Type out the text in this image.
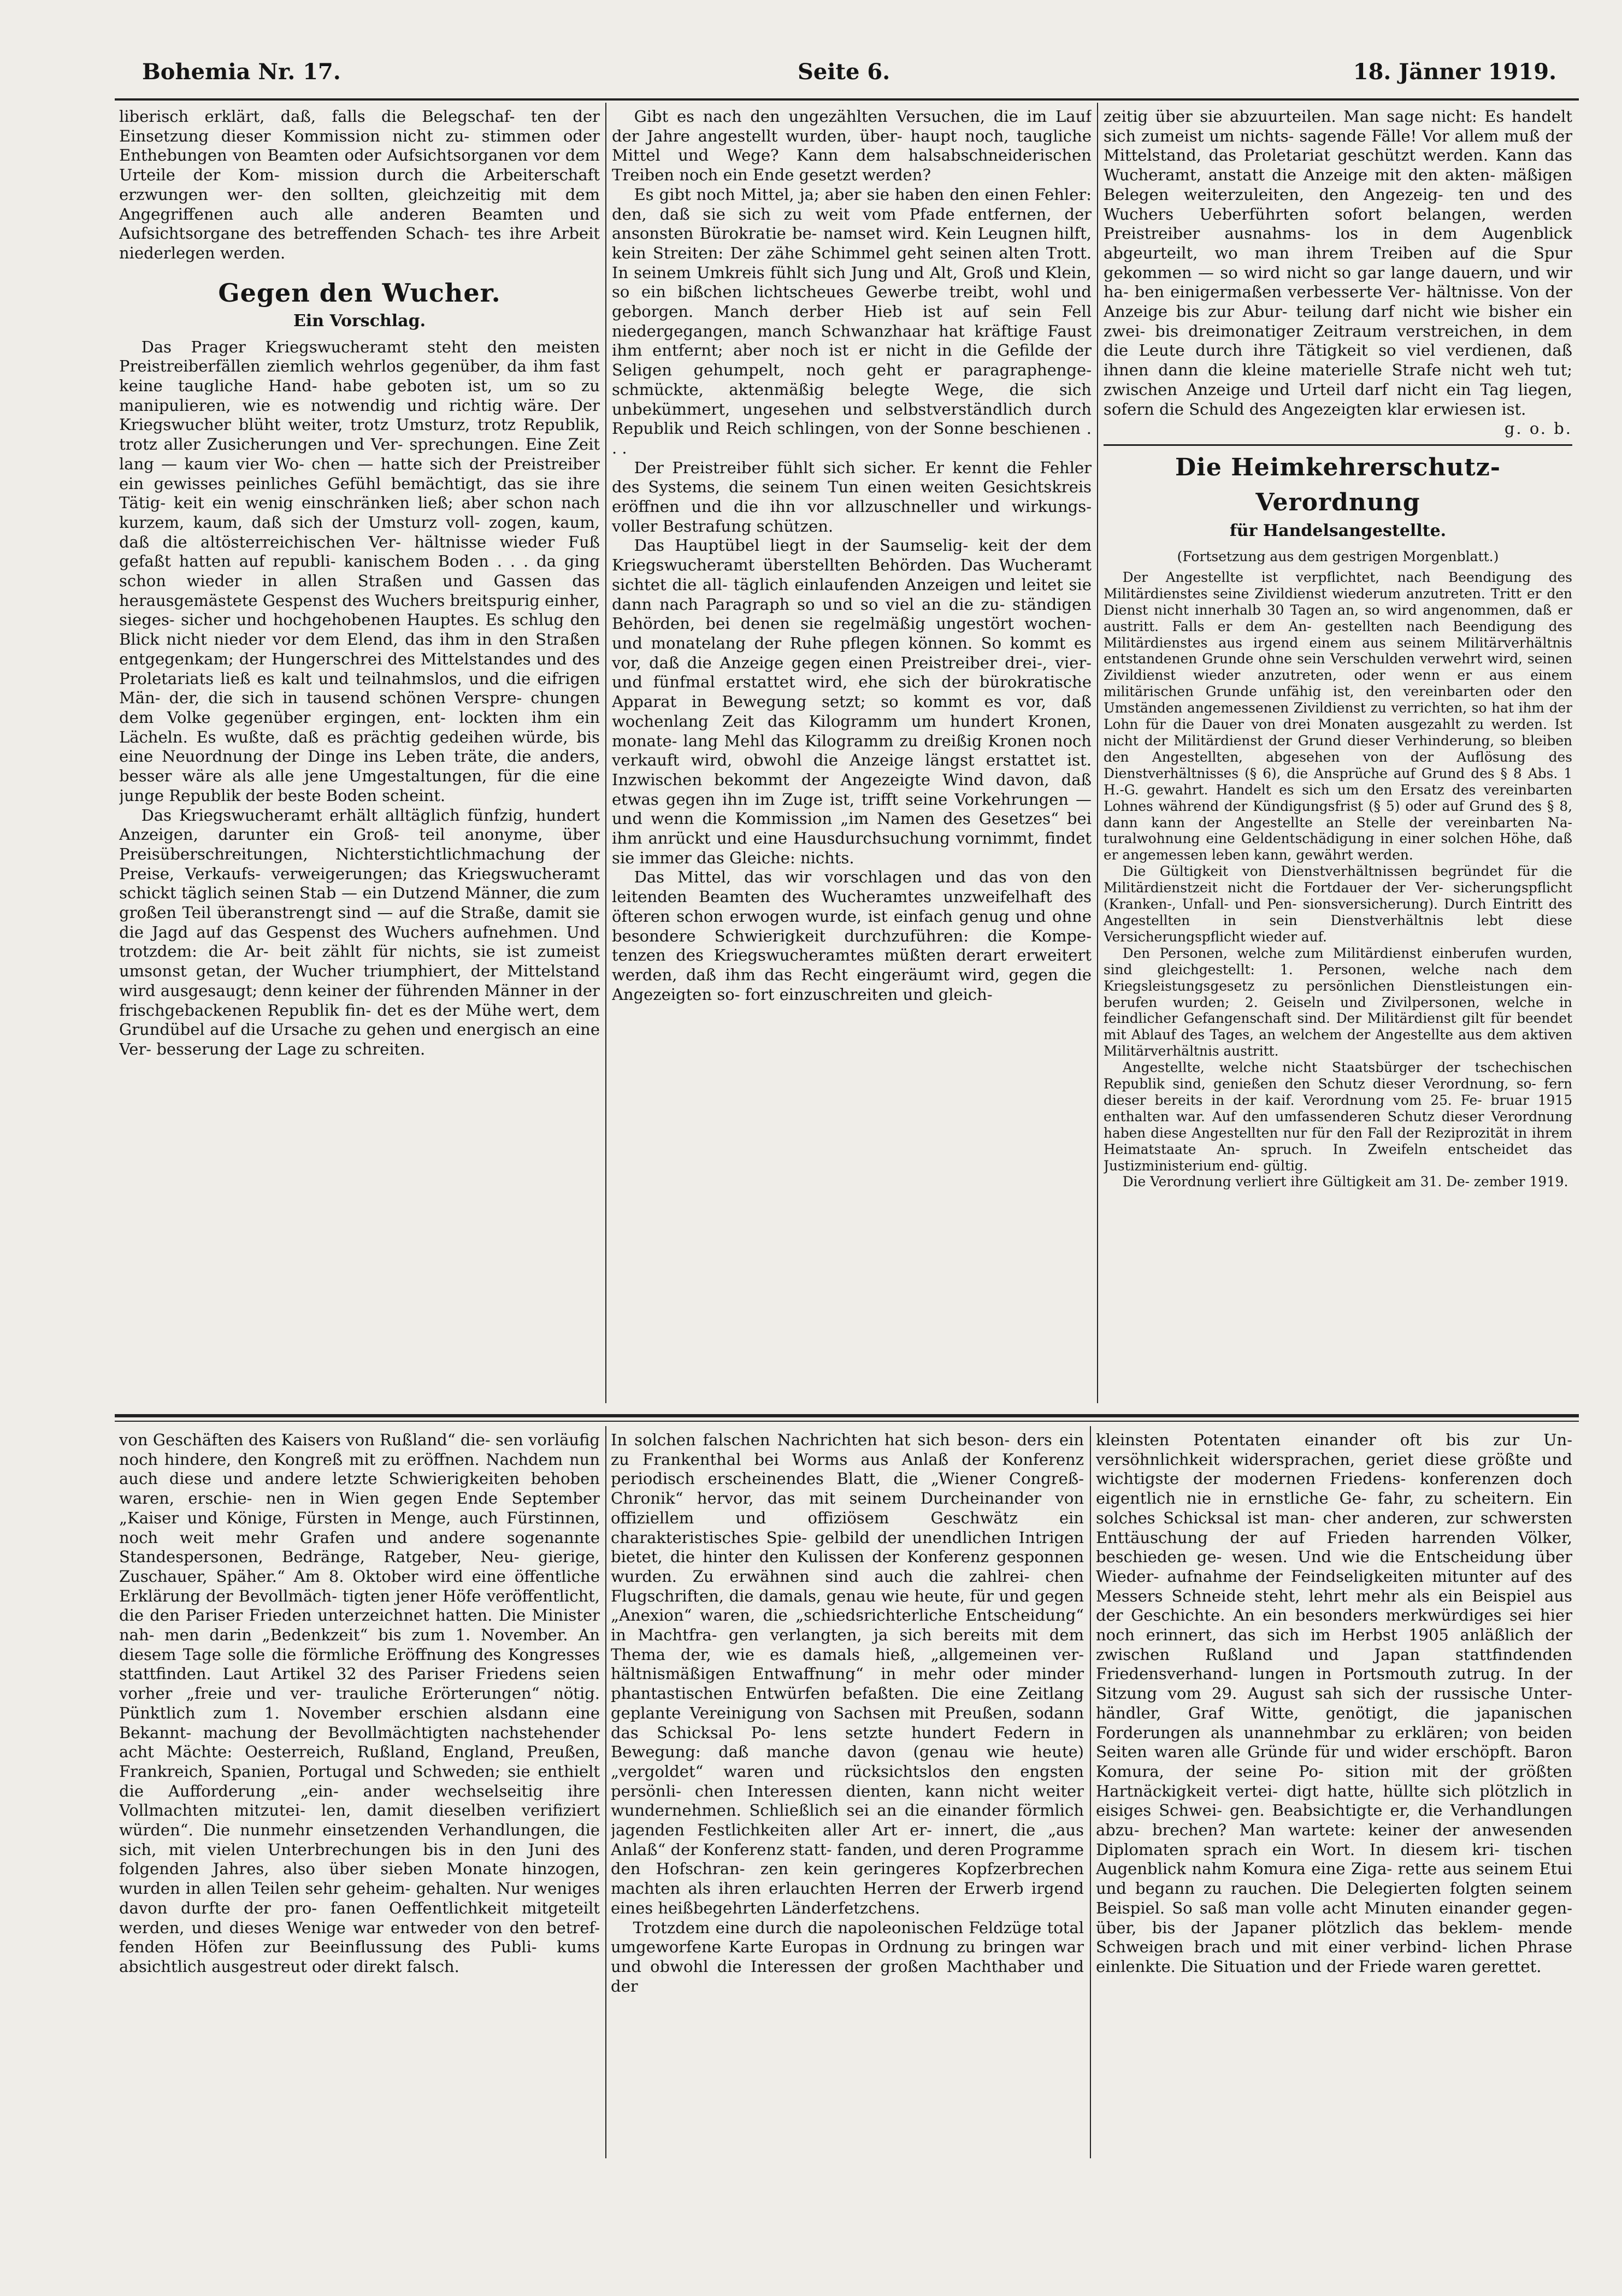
Bohemia Nr. 17.	Seite 6.	18. Jänner 1919.

liberisch erklärt, daß, falls die Belegschaf- ten der Einsetzung dieser Kommission nicht zu- stimmen oder Enthebungen von Beamten oder Aufsichtsorganen vor dem Urteile der Kom- mission durch die Arbeiterschaft erzwungen wer- den sollten, gleichzeitig mit dem Angegriffenen auch alle anderen Beamten und Aufsichtsorgane des betreffenden Schach- tes ihre Arbeit niederlegen werden.

Gegen den Wucher.
Ein Vorschlag.

Das Prager Kriegswucheramt steht den meisten Preistreiberfällen ziemlich wehrlos gegenüber, da ihm fast keine taugliche Hand- habe geboten ist, um so zu manipulieren, wie es notwendig und richtig wäre. Der Kriegswucher blüht weiter, trotz Umsturz, trotz Republik, trotz aller Zusicherungen und Ver- sprechungen. Eine Zeit lang — kaum vier Wo- chen — hatte sich der Preistreiber ein gewisses peinliches Gefühl bemächtigt, das sie ihre Tätig- keit ein wenig einschränken ließ; aber schon nach kurzem, kaum, daß sich der Umsturz voll- zogen, kaum, daß die altösterreichischen Ver- hältnisse wieder Fuß gefaßt hatten auf republi- kanischem Boden . . . da ging schon wieder in allen Straßen und Gassen das herausgemästete Gespenst des Wuchers breitspurig einher, sieges- sicher und hochgehobenen Hauptes. Es schlug den Blick nicht nieder vor dem Elend, das ihm in den Straßen entgegenkam; der Hungerschrei des Mittelstandes und des Proletariats ließ es kalt und teilnahmslos, und die eifrigen Män- der, die sich in tausend schönen Verspre- chungen dem Volke gegenüber ergingen, ent- lockten ihm ein Lächeln. Es wußte, daß es prächtig gedeihen würde, bis eine Neuordnung der Dinge ins Leben träte, die anders, besser wäre als alle jene Umgestaltungen, für die eine junge Republik der beste Boden scheint.

Das Kriegswucheramt erhält alltäglich fünfzig, hundert Anzeigen, darunter ein Groß- teil anonyme, über Preisüberschreitungen, Nichterstichtlichmachung der Preise, Verkaufs- verweigerungen; das Kriegswucheramt schickt täglich seinen Stab — ein Dutzend Männer, die zum großen Teil überanstrengt sind — auf die Straße, damit sie die Jagd auf das Gespenst des Wuchers aufnehmen. Und trotzdem: die Ar- beit zählt für nichts, sie ist zumeist umsonst getan, der Wucher triumphiert, der Mittelstand wird ausgesaugt; denn keiner der führenden Männer in der frischgebackenen Republik fin- det es der Mühe wert, dem Grundübel auf die Ursache zu gehen und energisch an eine Ver- besserung der Lage zu schreiten.

Gibt es nach den ungezählten Versuchen, die im Lauf der Jahre angestellt wurden, über- haupt noch, taugliche Mittel und Wege? Kann dem halsabschneiderischen Treiben noch ein Ende gesetzt werden?

Es gibt noch Mittel, ja; aber sie haben den einen Fehler: den, daß sie sich zu weit vom Pfade entfernen, der ansonsten Bürokratie be- namset wird. Kein Leugnen hilft, kein Streiten: Der zähe Schimmel geht seinen alten Trott. In seinem Umkreis fühlt sich Jung und Alt, Groß und Klein, so ein bißchen lichtscheues Gewerbe treibt, wohl und geborgen. Manch derber Hieb ist auf sein Fell niedergegangen, manch Schwanzhaar hat kräftige Faust ihm entfernt; aber noch ist er nicht in die Gefilde der Seligen gehumpelt, noch geht er paragraphenge- schmückte, aktenmäßig belegte Wege, die sich unbekümmert, ungesehen und selbstverständlich durch Republik und Reich schlingen, von der Sonne beschienen . . .

Der Preistreiber fühlt sich sicher. Er kennt die Fehler des Systems, die seinem Tun einen weiten Gesichtskreis eröffnen und die ihn vor allzuschneller und wirkungs- voller Bestrafung schützen.

Das Hauptübel liegt in der Saumselig- keit der dem Kriegswucheramt überstellten Behörden. Das Wucheramt sichtet die all- täglich einlaufenden Anzeigen und leitet sie dann nach Paragraph so und so viel an die zu- ständigen Behörden, bei denen sie regelmäßig ungestört wochen- und monatelang der Ruhe pflegen können. So kommt es vor, daß die Anzeige gegen einen Preistreiber drei-, vier- und fünfmal erstattet wird, ehe sich der bürokratische Apparat in Bewegung setzt; so kommt es vor, daß wochenlang Zeit das Kilogramm um hundert Kronen, monate- lang Mehl das Kilogramm zu dreißig Kronen noch verkauft wird, obwohl die Anzeige längst erstattet ist. Inzwischen bekommt der Angezeigte Wind davon, daß etwas gegen ihn im Zuge ist, trifft seine Vorkehrungen — und wenn die Kommission „im Namen des Gesetzes“ bei ihm anrückt und eine Hausdurchsuchung vornimmt, findet sie immer das Gleiche: nichts.

Das Mittel, das wir vorschlagen und das von den leitenden Beamten des Wucheramtes unzweifelhaft des öfteren schon erwogen wurde, ist einfach genug und ohne besondere Schwierigkeit durchzuführen: die Kompe- tenzen des Kriegswucheramtes müßten derart erweitert werden, daß ihm das Recht eingeräumt wird, gegen die Angezeigten so- fort einzuschreiten und gleich-

zeitig über sie abzuurteilen. Man sage nicht: Es handelt sich zumeist um nichts- sagende Fälle! Vor allem muß der Mittelstand, das Proletariat geschützt werden. Kann das Wucheramt, anstatt die Anzeige mit den akten- mäßigen Belegen weiterzuleiten, den Angezeig- ten und des Wuchers Ueberführten sofort belangen, werden Preistreiber ausnahms- los in dem Augenblick abgeurteilt, wo man ihrem Treiben auf die Spur gekommen — so wird nicht so gar lange dauern, und wir ha- ben einigermaßen verbesserte Ver- hältnisse. Von der Anzeige bis zur Abur- teilung darf nicht wie bisher ein zwei- bis dreimonatiger Zeitraum verstreichen, in dem die Leute durch ihre Tätigkeit so viel verdienen, daß ihnen dann die kleine materielle Strafe nicht weh tut; zwischen Anzeige und Urteil darf nicht ein Tag liegen, sofern die Schuld des Angezeigten klar erwiesen ist.

g. o. b.
Die Heimkehrerschutz-Verordnung
für Handelsangestellte.
(Fortsetzung aus dem gestrigen Morgenblatt.)

Der Angestellte ist verpflichtet, nach Beendigung des Militärdienstes seine Zivildienst wiederum anzutreten. Tritt er den Dienst nicht innerhalb 30 Tagen an, so wird angenommen, daß er austritt. Falls er dem An- gestellten nach Beendigung des Militärdienstes aus irgend einem aus seinem Militärverhältnis entstandenen Grunde ohne sein Verschulden verwehrt wird, seinen Zivildienst wieder anzutreten, oder wenn er aus einem militärischen Grunde unfähig ist, den vereinbarten oder den Umständen angemessenen Zivildienst zu verrichten, so hat ihm der Lohn für die Dauer von drei Monaten ausgezahlt zu werden. Ist nicht der Militärdienst der Grund dieser Verhinderung, so bleiben den Angestellten, abgesehen von der Auflösung des Dienstverhältnisses (§ 6), die Ansprüche auf Grund des § 8 Abs. 1 H.-G. gewahrt. Handelt es sich um den Ersatz des vereinbarten Lohnes während der Kündigungsfrist (§ 5) oder auf Grund des § 8, dann kann der Angestellte an Stelle der vereinbarten Na- turalwohnung eine Geldentschädigung in einer solchen Höhe, daß er angemessen leben kann, gewährt werden.

Die Gültigkeit von Dienstverhältnissen begründet für die Militärdienstzeit nicht die Fortdauer der Ver- sicherungspflicht (Kranken-, Unfall- und Pen- sionsversicherung). Durch Eintritt des Angestellten in sein Dienstverhältnis lebt diese Versicherungspflicht wieder auf.

Den Personen, welche zum Militärdienst einberufen wurden, sind gleichgestellt: 1. Personen, welche nach dem Kriegsleistungsgesetz zu persönlichen Dienstleistungen ein- berufen wurden; 2. Geiseln und Zivilpersonen, welche in feindlicher Gefangenschaft sind. Der Militärdienst gilt für beendet mit Ablauf des Tages, an welchem der Angestellte aus dem aktiven Militärverhältnis austritt.

Angestellte, welche nicht Staatsbürger der tschechischen Republik sind, genießen den Schutz dieser Verordnung, so- fern dieser bereits in der kaif. Verordnung vom 25. Fe- bruar 1915 enthalten war. Auf den umfassenderen Schutz dieser Verordnung haben diese Angestellten nur für den Fall der Reziprozität in ihrem Heimatstaate An- spruch. In Zweifeln entscheidet das Justizministerium end- gültig.

Die Verordnung verliert ihre Gültigkeit am 31. De- zember 1919.

von Geschäften des Kaisers von Rußland“ die- sen vorläufig noch hindere, den Kongreß mit zu eröffnen. Nachdem nun auch diese und andere letzte Schwierigkeiten behoben waren, erschie- nen in Wien gegen Ende September „Kaiser und Könige, Fürsten in Menge, auch Fürstinnen, noch weit mehr Grafen und andere sogenannte Standespersonen, Bedränge, Ratgeber, Neu- gierige, Zuschauer, Späher.“ Am 8. Oktober wird eine öffentliche Erklärung der Bevollmäch- tigten jener Höfe veröffentlicht, die den Pariser Frieden unterzeichnet hatten. Die Minister nah- men darin „Bedenkzeit“ bis zum 1. November. An diesem Tage solle die förmliche Eröffnung des Kongresses stattfinden. Laut Artikel 32 des Pariser Friedens seien vorher „freie und ver- trauliche Erörterungen“ nötig. Pünktlich zum 1. November erschien alsdann eine Bekannt- machung der Bevollmächtigten nachstehender acht Mächte: Oesterreich, Rußland, England, Preußen, Frankreich, Spanien, Portugal und Schweden; sie enthielt die Aufforderung „ein- ander wechselseitig ihre Vollmachten mitzutei- len, damit dieselben verifiziert würden“. Die nunmehr einsetzenden Verhandlungen, die sich, mit vielen Unterbrechungen bis in den Juni des folgenden Jahres, also über sieben Monate hinzogen, wurden in allen Teilen sehr geheim- gehalten. Nur weniges davon durfte der pro- fanen Oeffentlichkeit mitgeteilt werden, und dieses Wenige war entweder von den betref- fenden Höfen zur Beeinflussung des Publi- kums absichtlich ausgestreut oder direkt falsch.

In solchen falschen Nachrichten hat sich beson- ders ein zu Frankenthal bei Worms aus Anlaß der Konferenz periodisch erscheinendes Blatt, die „Wiener Congreß-Chronik“ hervor, das mit seinem Durcheinander von offiziellem und offiziösem Geschwätz ein charakteristisches Spie- gelbild der unendlichen Intrigen bietet, die hinter den Kulissen der Konferenz gesponnen wurden. Zu erwähnen sind auch die zahlrei- chen Flugschriften, die damals, genau wie heute, für und gegen „Anexion“ waren, die „schiedsrichterliche Entscheidung“ in Machtfra- gen verlangten, ja sich bereits mit dem Thema der, wie es damals hieß, „allgemeinen ver- hältnismäßigen Entwaffnung“ in mehr oder minder phantastischen Entwürfen befaßten. Die eine Zeitlang geplante Vereinigung von Sachsen mit Preußen, sodann das Schicksal Po- lens setzte hundert Federn in Bewegung: daß manche davon (genau wie heute) „vergoldet“ waren und rücksichtslos den engsten persönli- chen Interessen dienten, kann nicht weiter wundernehmen. Schließlich sei an die einander förmlich jagenden Festlichkeiten aller Art er- innert, die „aus Anlaß“ der Konferenz statt- fanden, und deren Programme den Hofschran- zen kein geringeres Kopfzerbrechen machten als ihren erlauchten Herren der Erwerb irgend eines heißbegehrten Länderfetzchens.

Trotzdem eine durch die napoleonischen Feldzüge total umgeworfene Karte Europas in Ordnung zu bringen war und obwohl die Interessen der großen Machthaber und der

kleinsten Potentaten einander oft bis zur Un- versöhnlichkeit widersprachen, geriet diese größte und wichtigste der modernen Friedens- konferenzen doch eigentlich nie in ernstliche Ge- fahr, zu scheitern. Ein solches Schicksal ist man- cher anderen, zur schwersten Enttäuschung der auf Frieden harrenden Völker, beschieden ge- wesen. Und wie die Entscheidung über Wieder- aufnahme der Feindseligkeiten mitunter auf des Messers Schneide steht, lehrt mehr als ein Beispiel aus der Geschichte. An ein besonders merkwürdiges sei hier noch erinnert, das sich im Herbst 1905 anläßlich der zwischen Rußland und Japan stattfindenden Friedensverhand- lungen in Portsmouth zutrug. In der Sitzung vom 29. August sah sich der russische Unter- händler, Graf Witte, genötigt, die japanischen Forderungen als unannehmbar zu erklären; von beiden Seiten waren alle Gründe für und wider erschöpft. Baron Komura, der seine Po- sition mit der größten Hartnäckigkeit vertei- digt hatte, hüllte sich plötzlich in eisiges Schwei- gen. Beabsichtigte er, die Verhandlungen abzu- brechen? Man wartete: keiner der anwesenden Diplomaten sprach ein Wort. In diesem kri- tischen Augenblick nahm Komura eine Ziga- rette aus seinem Etui und begann zu rauchen. Die Delegierten folgten seinem Beispiel. So saß man volle acht Minuten einander gegen- über, bis der Japaner plötzlich das beklem- mende Schweigen brach und mit einer verbind- lichen Phrase einlenkte. Die Situation und der Friede waren gerettet.
